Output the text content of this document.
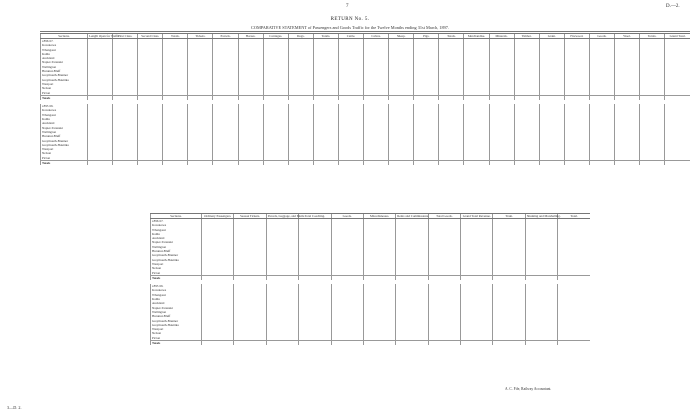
7	D.—2.
RETURN No. 5.
COMPARATIVE STATEMENT of Passengers and Goods Traffic for the Twelve Months ending 31st March, 1897.
Sections.	Length Open for Traffic.	First Class.	Second Class.	Totals.	Tickets.	Parcels.	Horses.	Carriages.	Dogs.	Totals.	Cattle.	Calves.	Sheep.	Pigs.	Totals.	Merchandise.	Minerals.	Timber.	Grain.	Firewood.	Goods.	Wool.	Totals.	Grand Total.
1896-97.																								
Kawakawa																								
Whangarei																								
Kaihu																								
Auckland																								
Napier-Taranaki																								
Wellington																								
Hurunui-Bluff																								
Greymouth-Brunner																								
Greymouth-Hokitika																								
Westport																								
Nelson																								
Picton																								
Totals																								

1895-96.																								
Kawakawa																								
Whangarei																								
Kaihu																								
Auckland																								
Napier-Taranaki																								
Wellington																								
Hurunui-Bluff																								
Greymouth-Brunner																								
Greymouth-Hokitika																								
Westport																								
Nelson																								
Picton																								
Totals																								

Sections.	Ordinary Passengers.	Season Tickets.	Parcels, Luggage, and Mails.	Total Coaching.	Goods.	Miscellaneous.	Rents and Commissions.	Total Goods.	Grand Total Revenue.	Train.	Shunting and Marshalling.	Total.
1896-97.												
Kawakawa												
Whangarei												
Kaihu												
Auckland												
Napier-Taranaki												
Wellington												
Hurunui-Bluff												
Greymouth-Brunner												
Greymouth-Hokitika												
Westport												
Nelson												
Picton												
Totals												

1895-96.												
Kawakawa												
Whangarei												
Kaihu												
Auckland												
Napier-Taranaki												
Wellington												
Hurunui-Bluff												
Greymouth-Brunner												
Greymouth-Hokitika												
Westport												
Nelson												
Picton												
Totals												

A. C. Fife, Railway Accountant.
3—D. 2.
